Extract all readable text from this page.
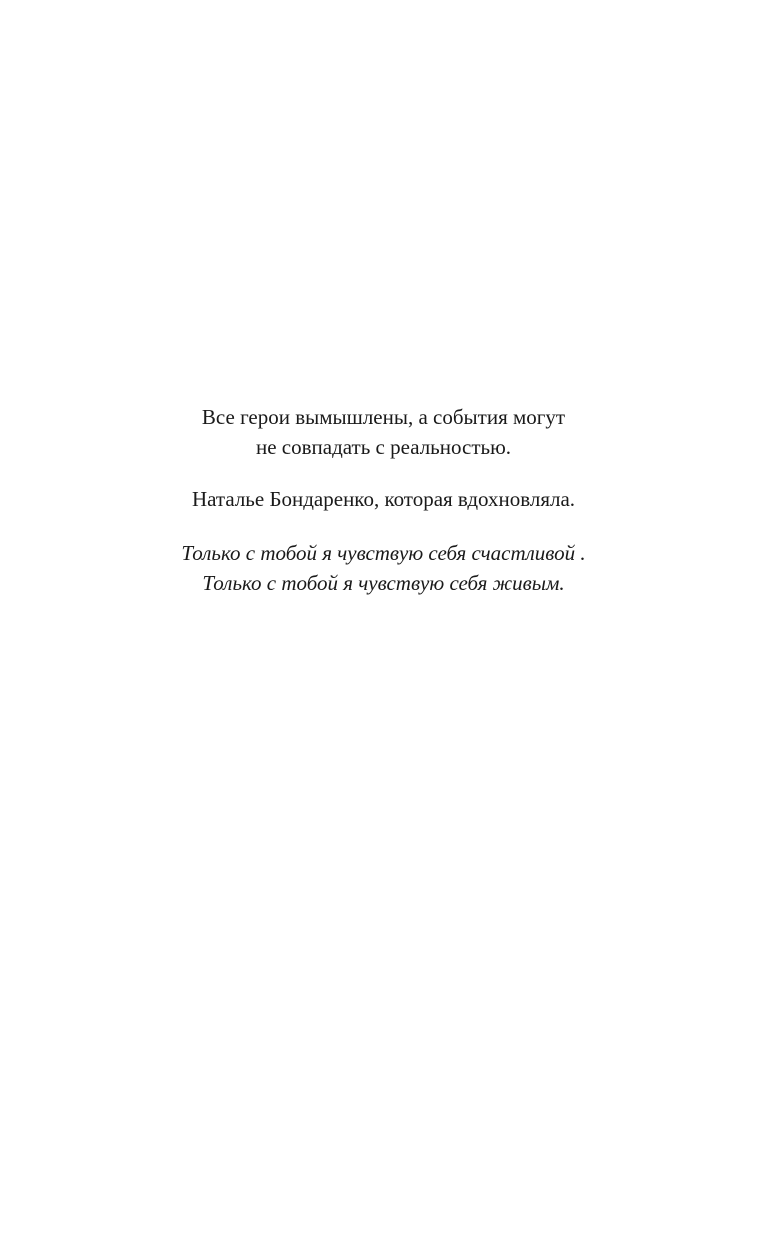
Все герои вымышлены, а события могут
не совпадать с реальностью.
Наталье Бондаренко, которая вдохновляла.
Только с тобой я чувствую себя счастливой .
Только с тобой я чувствую себя живым.
